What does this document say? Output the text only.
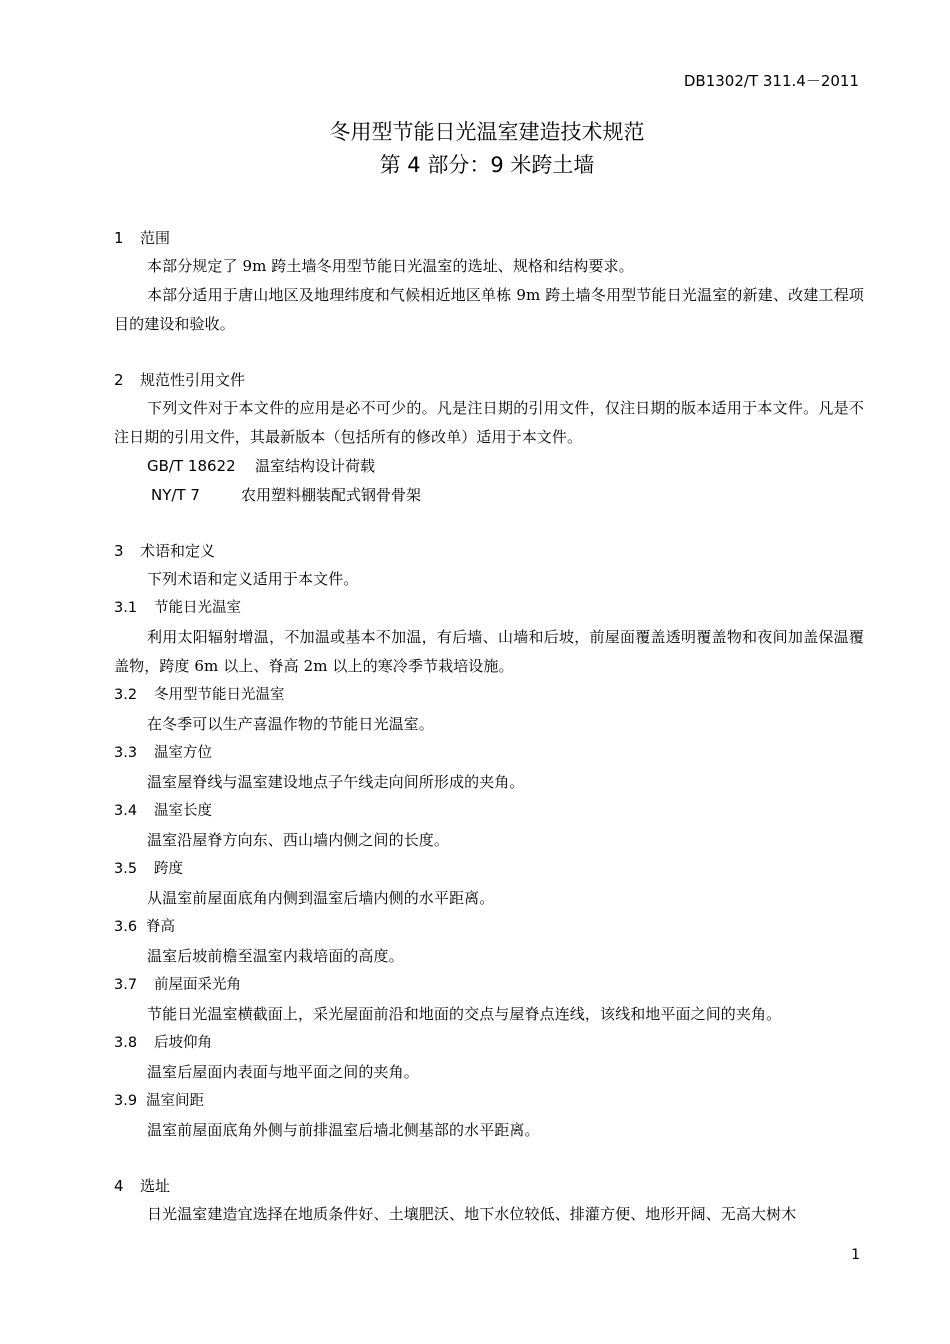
DB1302/T 311.4－2011
冬用型节能日光温室建造技术规范
第 4 部分：9 米跨土墙
1 范围

本部分规定了 9m 跨土墙冬用型节能日光温室的选址、规格和结构要求。

本部分适用于唐山地区及地理纬度和气候相近地区单栋 9m 跨土墙冬用型节能日光温室的新建、改建工程项目的建设和验收。

2 规范性引用文件

下列文件对于本文件的应用是必不可少的。凡是注日期的引用文件，仅注日期的版本适用于本文件。凡是不注日期的引用文件，其最新版本（包括所有的修改单）适用于本文件。

GB/T 18622 温室结构设计荷载
NY/T 7	农用塑料棚装配式钢骨骨架
3 术语和定义

下列术语和定义适用于本文件。

3.1 节能日光温室

利用太阳辐射增温，不加温或基本不加温，有后墙、山墙和后坡，前屋面覆盖透明覆盖物和夜间加盖保温覆盖物，跨度 6m 以上、脊高 2m 以上的寒冷季节栽培设施。

3.2 冬用型节能日光温室

在冬季可以生产喜温作物的节能日光温室。

3.3 温室方位

温室屋脊线与温室建设地点子午线走向间所形成的夹角。

3.4 温室长度

温室沿屋脊方向东、西山墙内侧之间的长度。

3.5 跨度

从温室前屋面底角内侧到温室后墙内侧的水平距离。

3.6 脊高

温室后坡前檐至温室内栽培面的高度。

3.7 前屋面采光角

节能日光温室横截面上，采光屋面前沿和地面的交点与屋脊点连线，该线和地平面之间的夹角。

3.8 后坡仰角

温室后屋面内表面与地平面之间的夹角。

3.9 温室间距

温室前屋面底角外侧与前排温室后墙北侧基部的水平距离。

4 选址

日光温室建造宜选择在地质条件好、土壤肥沃、地下水位较低、排灌方便、地形开阔、无高大树木

1
